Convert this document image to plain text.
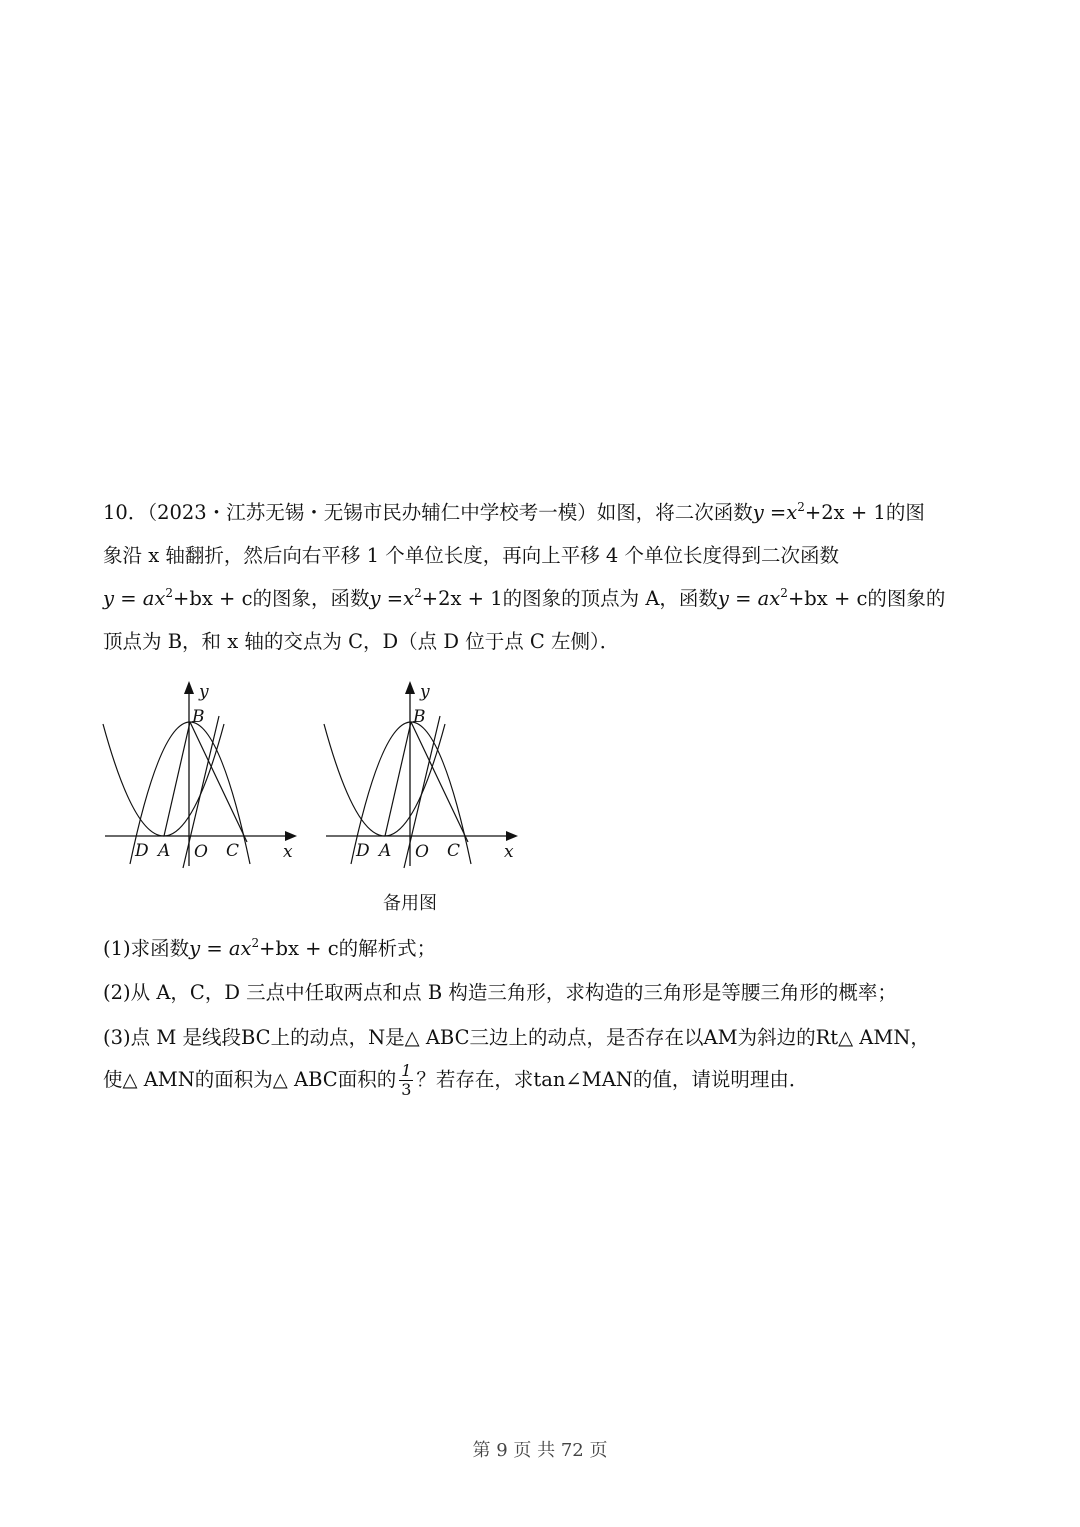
10．（2023・江苏无锡・无锡市民办辅仁中学校考一模）如图，将二次函数$y =x^2+2x + 1$的图
象沿 x 轴翻折，然后向右平移 1 个单位长度，再向上平移 4 个单位长度得到二次函数
$y = ax^2+bx + c$的图象，函数$y =x^2+2x + 1$的图象的顶点为 A，函数$y = ax^2+bx + c$的图象的
顶点为 B，和 x 轴的交点为 C，D（点 D 位于点 C 左侧）．
y
B
D A O C	x
y
B
D A O C	x
备用图
(1)求函数$y = ax^2+bx + c$的解析式；
(2)从 A，C，D 三点中任取两点和点 B 构造三角形，求构造的三角形是等腰三角形的概率；
(3)点 M 是线段BC上的动点，N是△ ABC三边上的动点，是否存在以AM为斜边的Rt△ AMN，
使△ AMN的面积为△ ABC面积的 $\frac{1}{3}$ ？若存在，求tan∠MAN的值，请说明理由．
第 9 页 共 72 页
